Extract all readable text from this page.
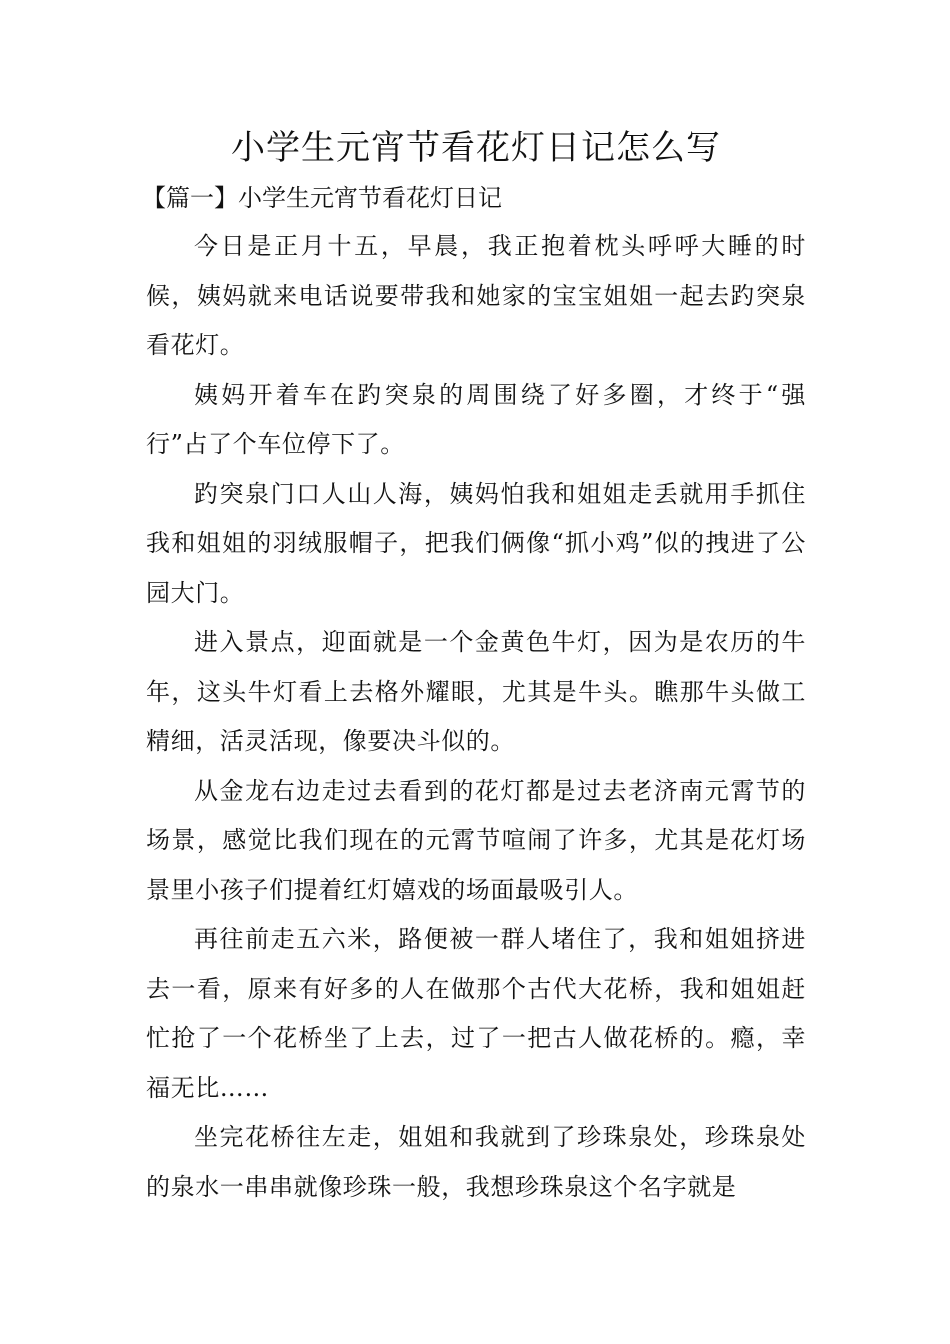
小学生元宵节看花灯日记怎么写
【篇一】小学生元宵节看花灯日记

今日是正月十五，早晨，我正抱着枕头呼呼大睡的时候，姨妈就来电话说要带我和她家的宝宝姐姐一起去趵突泉看花灯。

姨妈开着车在趵突泉的周围绕了好多圈，才终于“强行”占了个车位停下了。

趵突泉门口人山人海，姨妈怕我和姐姐走丢就用手抓住我和姐姐的羽绒服帽子，把我们俩像“抓小鸡”似的拽进了公园大门。

进入景点，迎面就是一个金黄色牛灯，因为是农历的牛年，这头牛灯看上去格外耀眼，尤其是牛头。瞧那牛头做工精细，活灵活现，像要决斗似的。

从金龙右边走过去看到的花灯都是过去老济南元霄节的场景，感觉比我们现在的元霄节喧闹了许多，尤其是花灯场景里小孩子们提着红灯嬉戏的场面最吸引人。

再往前走五六米，路便被一群人堵住了，我和姐姐挤进去一看，原来有好多的人在做那个古代大花桥，我和姐姐赶忙抢了一个花桥坐了上去，过了一把古人做花桥的。瘾，幸福无比……

坐完花桥往左走，姐姐和我就到了珍珠泉处，珍珠泉处的泉水一串串就像珍珠一般，我想珍珠泉这个名字就是
